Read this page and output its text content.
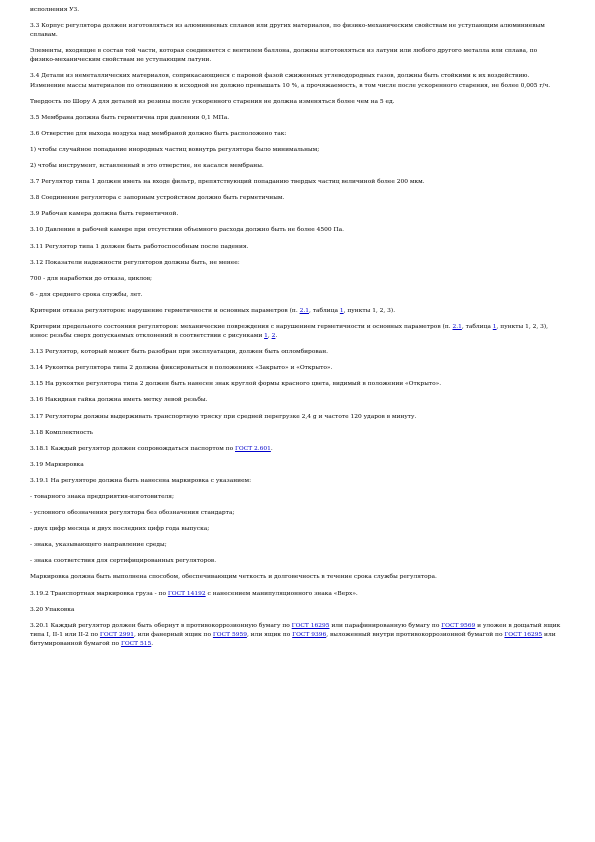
исполнения УЗ.

3.3 Корпус регулятора должен изготовляться из алюминиевых сплавов или других материалов, по физико-механическим свойствам не уступающим алюминиевым сплавам.

Элементы, входящие в состав той части, которая соединяется с вентилем баллона, должны изготовляться из латуни или любого другого металла или сплава, по физико-механическим свойствам не уступающим латуни.

3.4 Детали из неметаллических материалов, соприкасающиеся с паровой фазой сжиженных углеводородных газов, должны быть стойкими к их воздействию. Изменение массы материалов по отношению к исходной не должно превышать 10 %, а прочяжаемость, в том числе после ускоренного старения, не более 0,005 г/ч.

Твердость по Шору А для деталей из резины после ускоренного старения не должна изменяться более чем на 5 ед.

3.5 Мембрана должна быть герметична при давлении 0,1 МПа.

3.6 Отверстие для выхода воздуха над мембраной должно быть расположено так:

1) чтобы случайное попадание инородных частиц вовнутрь регулятора было минимальным;

2) чтобы инструмент, вставленный в это отверстие, не касался мембраны.

3.7 Регулятор типа 1 должен иметь на входе фильтр, препятствующий попаданию твердых частиц величиной более 200 мкм.

3.8 Соединение регулятора с запорным устройством должно быть герметичным.

3.9 Рабочая камера должна быть герметичной.

3.10 Давление в рабочей камере при отсутствии объемного расхода должно быть не более 4500 Па.

3.11 Регулятор типа 1 должен быть работоспособным после падения.

3.12 Показатели надежности регуляторов должны быть, не менее:

700 - для наработки до отказа, циклов;

6 - для среднего срока службы, лет.

Критерии отказа регуляторов: нарушение герметичности и основных параметров (п. 2.1, таблица 1, пункты 1, 2, 3).

Критерии предельного состояния регуляторов: механические повреждения с нарушением герметичности и основных параметров (п. 2.1, таблица 1, пункты 1, 2, 3), износ резьбы сверх допускаемых отклонений в соответствии с рисунками 1, 2.

3.13 Регулятор, который может быть разобран при эксплуатации, должен быть опломбирован.

3.14 Рукоятка регулятора типа 2 должна фиксироваться в положениях «Закрыто» и «Открыто».

3.15 На рукоятке регулятора типа 2 должен быть нанесен знак круглой формы красного цвета, видимый в положении «Открыто».

3.16 Накидная гайка должна иметь метку левой резьбы.

3.17 Регуляторы должны выдерживать транспортную тряску при средней перегрузке 2,4 g и частоте 120 ударов в минуту.

3.18 Комплектность

3.18.1 Каждый регулятор должен сопровождаться паспортом по ГОСТ 2.601.

3.19 Маркировка

3.19.1 На регуляторе должна быть нанесена маркировка с указанием:

- товарного знака предприятия-изготовителя;

- условного обозначения регулятора без обозначения стандарта;

- двух цифр месяца и двух последних цифр года выпуска;

- знака, указывающего направление среды;

- знака соответствия для сертифицированных регуляторов.

Маркировка должна быть выполнена способом, обеспечивающим четкость и долговечность в течение срока службы регулятора.

3.19.2 Транспортная маркировка груза - по ГОСТ 14192 с нанесением манипуляционного знака «Верх».

3.20 Упаковка

3.20.1 Каждый регулятор должен быть обернут в противокоррозионную бумагу по ГОСТ 16295 или парафинированную бумагу по ГОСТ 9569 и уложен в дощатый ящик типа I, II-1 или II-2 по ГОСТ 2991, или фанерный ящик по ГОСТ 5959, или ящик по ГОСТ 9396, выложенный внутри противокоррозионной бумагой по ГОСТ 16295 или битумированной бумагой по ГОСТ 515.
